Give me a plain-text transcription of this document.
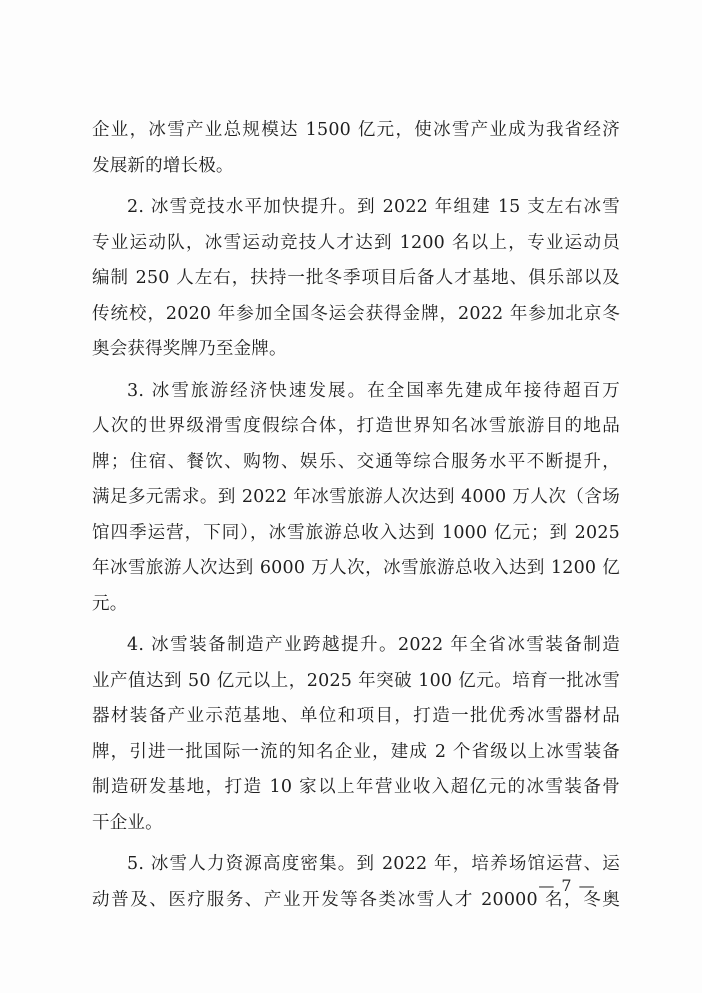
企业，冰雪产业总规模达 1500 亿元，使冰雪产业成为我省经济
发展新的增长极。
2. 冰雪竞技水平加快提升。到 2022 年组建 15 支左右冰雪
专业运动队，冰雪运动竞技人才达到 1200 名以上，专业运动员
编制 250 人左右，扶持一批冬季项目后备人才基地、俱乐部以及
传统校，2020 年参加全国冬运会获得金牌，2022 年参加北京冬
奥会获得奖牌乃至金牌。
3. 冰雪旅游经济快速发展。在全国率先建成年接待超百万
人次的世界级滑雪度假综合体，打造世界知名冰雪旅游目的地品
牌；住宿、餐饮、购物、娱乐、交通等综合服务水平不断提升，
满足多元需求。到 2022 年冰雪旅游人次达到 4000 万人次（含场
馆四季运营，下同），冰雪旅游总收入达到 1000 亿元；到 2025
年冰雪旅游人次达到 6000 万人次，冰雪旅游总收入达到 1200 亿
元。
4. 冰雪装备制造产业跨越提升。2022 年全省冰雪装备制造
业产值达到 50 亿元以上，2025 年突破 100 亿元。培育一批冰雪
器材装备产业示范基地、单位和项目，打造一批优秀冰雪器材品
牌，引进一批国际一流的知名企业，建成 2 个省级以上冰雪装备
制造研发基地，打造 10 家以上年营业收入超亿元的冰雪装备骨
干企业。
5. 冰雪人力资源高度密集。到 2022 年，培养场馆运营、运
动普及、医疗服务、产业开发等各类冰雪人才 20000 名，冬奥
— 7 —
